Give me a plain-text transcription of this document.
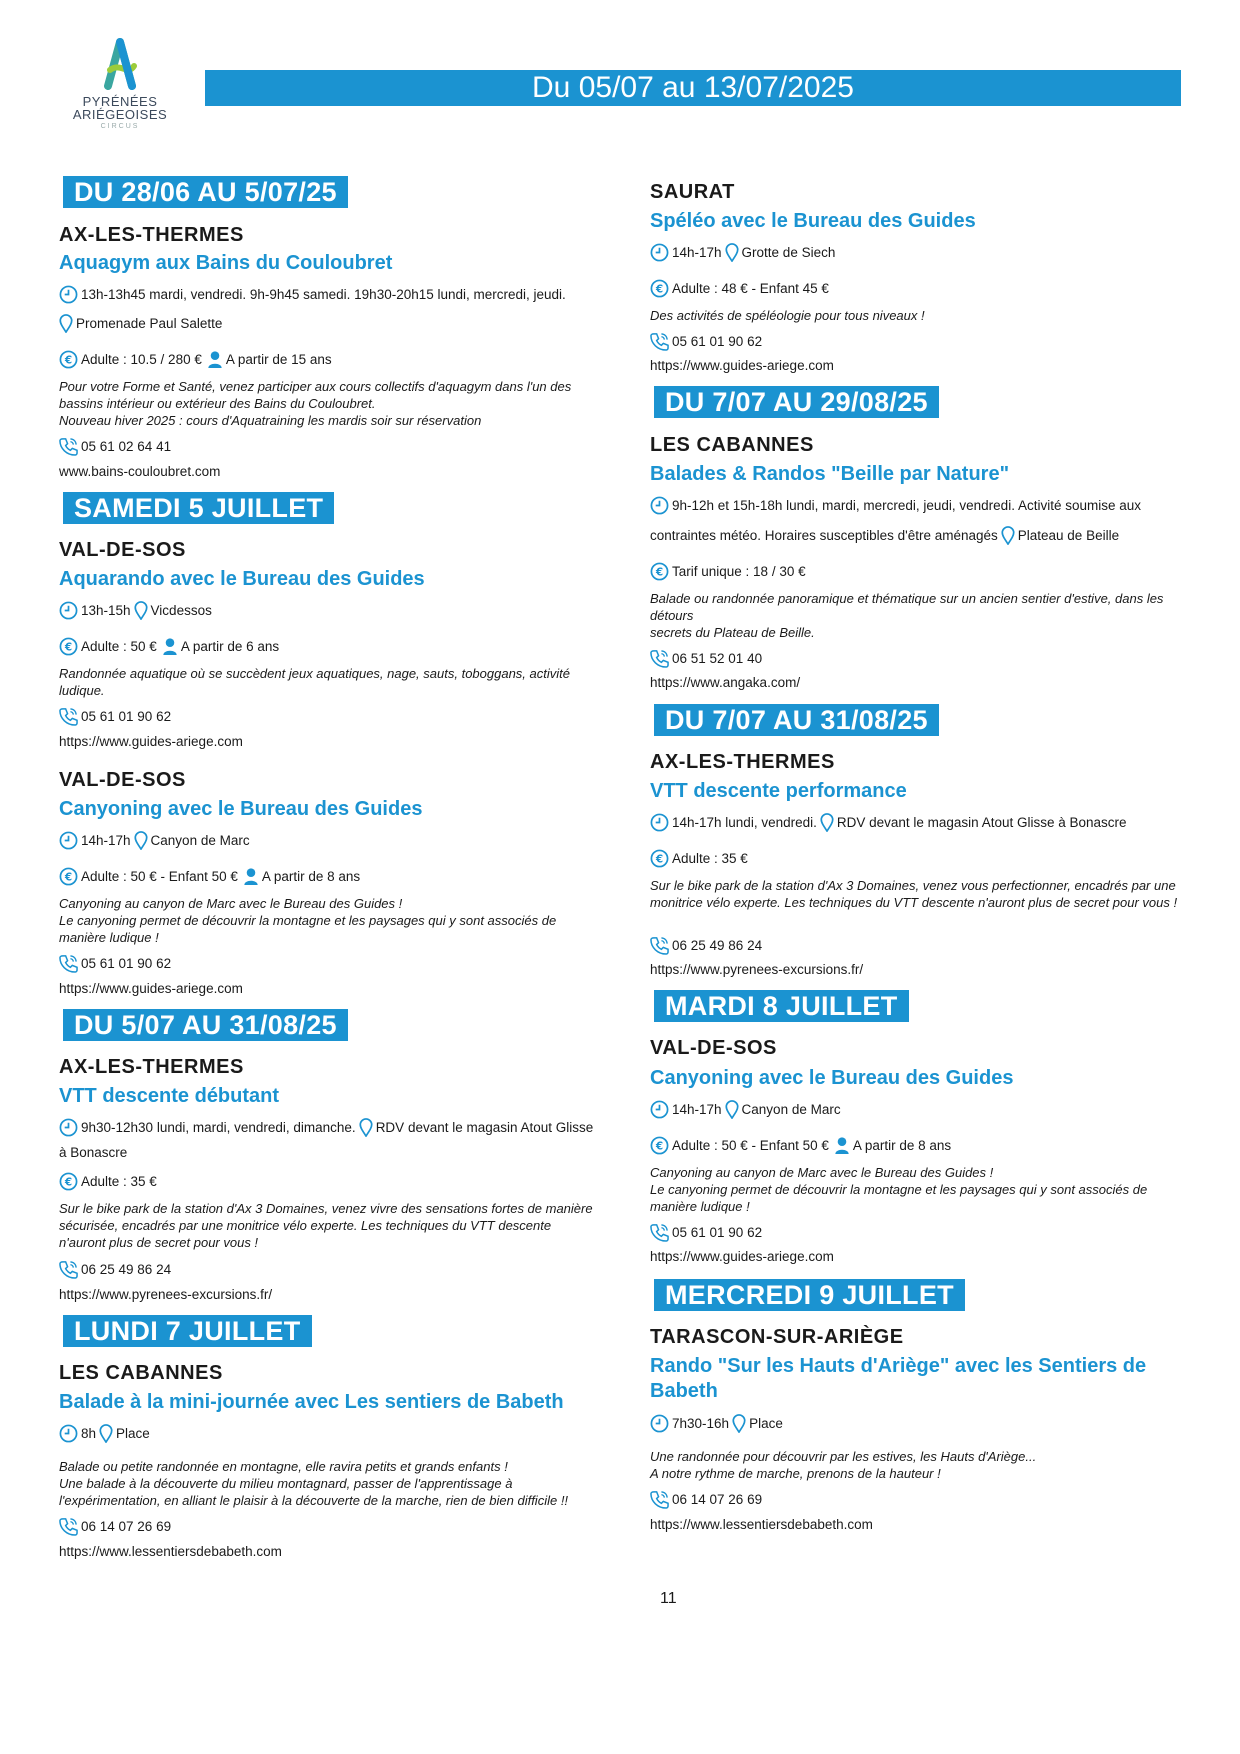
PYRÉNÉES
ARIÉGEOISES
CIRCUS
Du 05/07 au 13/07/2025
DU 28/06 AU 5/07/25
AX-LES-THERMES
Aquagym aux Bains du Couloubret
13h-13h45 mardi, vendredi. 9h-9h45 samedi. 19h30-20h15 lundi, mercredi, jeudi.
Promenade Paul Salette
€ Adulte : 10.5 / 280 € A partir de 15 ans
Pour votre Forme et Santé, venez participer aux cours collectifs d'aquagym dans l'un des bassins intérieur ou extérieur des Bains du Couloubret.
Nouveau hiver 2025 : cours d'Aquatraining les mardis soir sur réservation
05 61 02 64 41
www.bains-couloubret.com
SAMEDI 5 JUILLET
VAL-DE-SOS
Aquarando avec le Bureau des Guides
13h-15h Vicdessos
€ Adulte : 50 € A partir de 6 ans
Randonnée aquatique où se succèdent jeux aquatiques, nage, sauts, toboggans, activité ludique.
05 61 01 90 62
https://www.guides-ariege.com
VAL-DE-SOS
Canyoning avec le Bureau des Guides
14h-17h Canyon de Marc
€ Adulte : 50 € - Enfant 50 € A partir de 8 ans
Canyoning au canyon de Marc avec le Bureau des Guides !
Le canyoning permet de découvrir la montagne et les paysages qui y sont associés de manière ludique !
05 61 01 90 62
https://www.guides-ariege.com
DU 5/07 AU 31/08/25
AX-LES-THERMES
VTT descente débutant
9h30-12h30 lundi, mardi, vendredi, dimanche. RDV devant le magasin Atout Glisse
à Bonascre
€ Adulte : 35 €
Sur le bike park de la station d'Ax 3 Domaines, venez vivre des sensations fortes de manière sécurisée, encadrés par une monitrice vélo experte. Les techniques du VTT descente n'auront plus de secret pour vous !
06 25 49 86 24
https://www.pyrenees-excursions.fr/
LUNDI 7 JUILLET
LES CABANNES
Balade à la mini-journée avec Les sentiers de Babeth
8h Place
Balade ou petite randonnée en montagne, elle ravira petits et grands enfants !
Une balade à la découverte du milieu montagnard, passer de l'apprentissage à l'expérimentation, en alliant le plaisir à la découverte de la marche, rien de bien difficile !!
06 14 07 26 69
https://www.lessentiersdebabeth.com
SAURAT
Spéléo avec le Bureau des Guides
14h-17h Grotte de Siech
€ Adulte : 48 € - Enfant 45 €
Des activités de spéléologie pour tous niveaux !
05 61 01 90 62
https://www.guides-ariege.com
DU 7/07 AU 29/08/25
LES CABANNES
Balades & Randos "Beille par Nature"
9h-12h et 15h-18h lundi, mardi, mercredi, jeudi, vendredi. Activité soumise aux
contraintes météo. Horaires susceptibles d'être aménagés Plateau de Beille
€ Tarif unique : 18 / 30 €
Balade ou randonnée panoramique et thématique sur un ancien sentier d'estive, dans les détours
secrets du Plateau de Beille.
06 51 52 01 40
https://www.angaka.com/
DU 7/07 AU 31/08/25
AX-LES-THERMES
VTT descente performance
14h-17h lundi, vendredi. RDV devant le magasin Atout Glisse à Bonascre
€ Adulte : 35 €
Sur le bike park de la station d'Ax 3 Domaines, venez vous perfectionner, encadrés par une monitrice vélo experte. Les techniques du VTT descente n'auront plus de secret pour vous !
06 25 49 86 24
https://www.pyrenees-excursions.fr/
MARDI 8 JUILLET
VAL-DE-SOS
Canyoning avec le Bureau des Guides
14h-17h Canyon de Marc
€ Adulte : 50 € - Enfant 50 € A partir de 8 ans
Canyoning au canyon de Marc avec le Bureau des Guides !
Le canyoning permet de découvrir la montagne et les paysages qui y sont associés de manière ludique !
05 61 01 90 62
https://www.guides-ariege.com
MERCREDI 9 JUILLET
TARASCON-SUR-ARIÈGE
Rando "Sur les Hauts d'Ariège" avec les Sentiers de Babeth
7h30-16h Place
Une randonnée pour découvrir par les estives, les Hauts d'Ariège...
A notre rythme de marche, prenons de la hauteur !
06 14 07 26 69
https://www.lessentiersdebabeth.com
11
